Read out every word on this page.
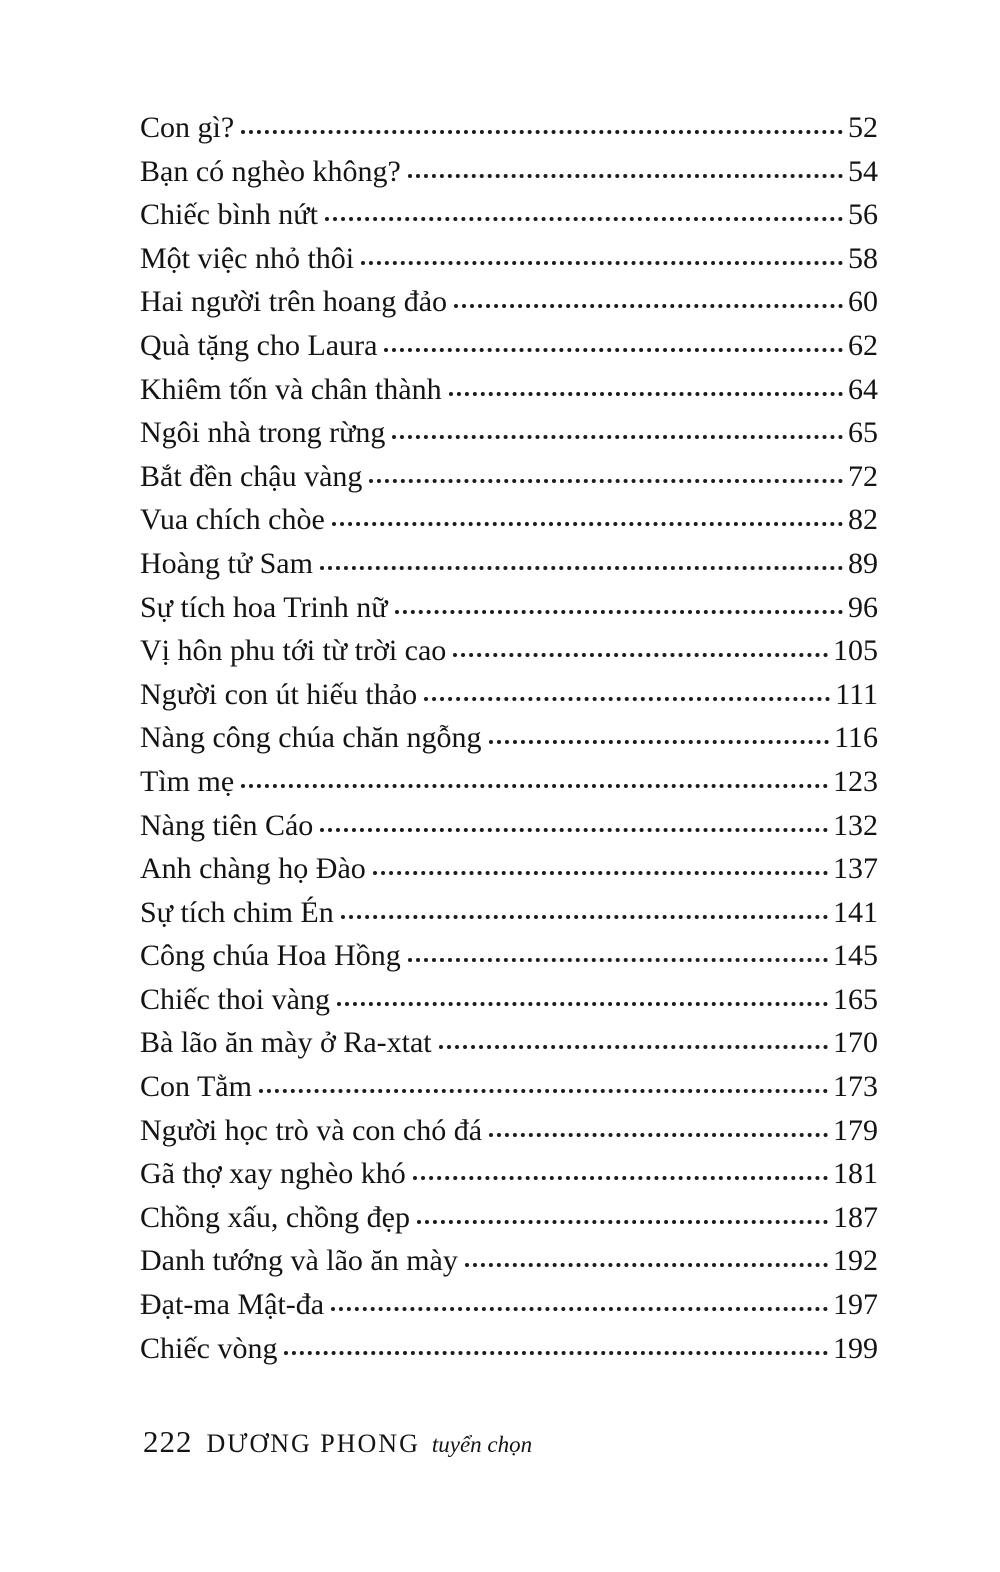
Con gì?	52
Bạn có nghèo không?	54
Chiếc bình nứt	56
Một việc nhỏ thôi	58
Hai người trên hoang đảo	60
Quà tặng cho Laura	62
Khiêm tốn và chân thành	64
Ngôi nhà trong rừng	65
Bắt đền chậu vàng	72
Vua chích chòe	82
Hoàng tử Sam	89
Sự tích hoa Trinh nữ	96
Vị hôn phu tới từ trời cao	105
Người con út hiếu thảo	111
Nàng công chúa chăn ngỗng	116
Tìm mẹ	123
Nàng tiên Cáo	132
Anh chàng họ Đào	137
Sự tích chim Én	141
Công chúa Hoa Hồng	145
Chiếc thoi vàng	165
Bà lão ăn mày ở Ra-xtat	170
Con Tằm	173
Người học trò và con chó đá	179
Gã thợ xay nghèo khó	181
Chồng xấu, chồng đẹp	187
Danh tướng và lão ăn mày	192
Đạt-ma Mật-đa	197
Chiếc vòng	199
222 DƯƠNG PHONG tuyển chọn
